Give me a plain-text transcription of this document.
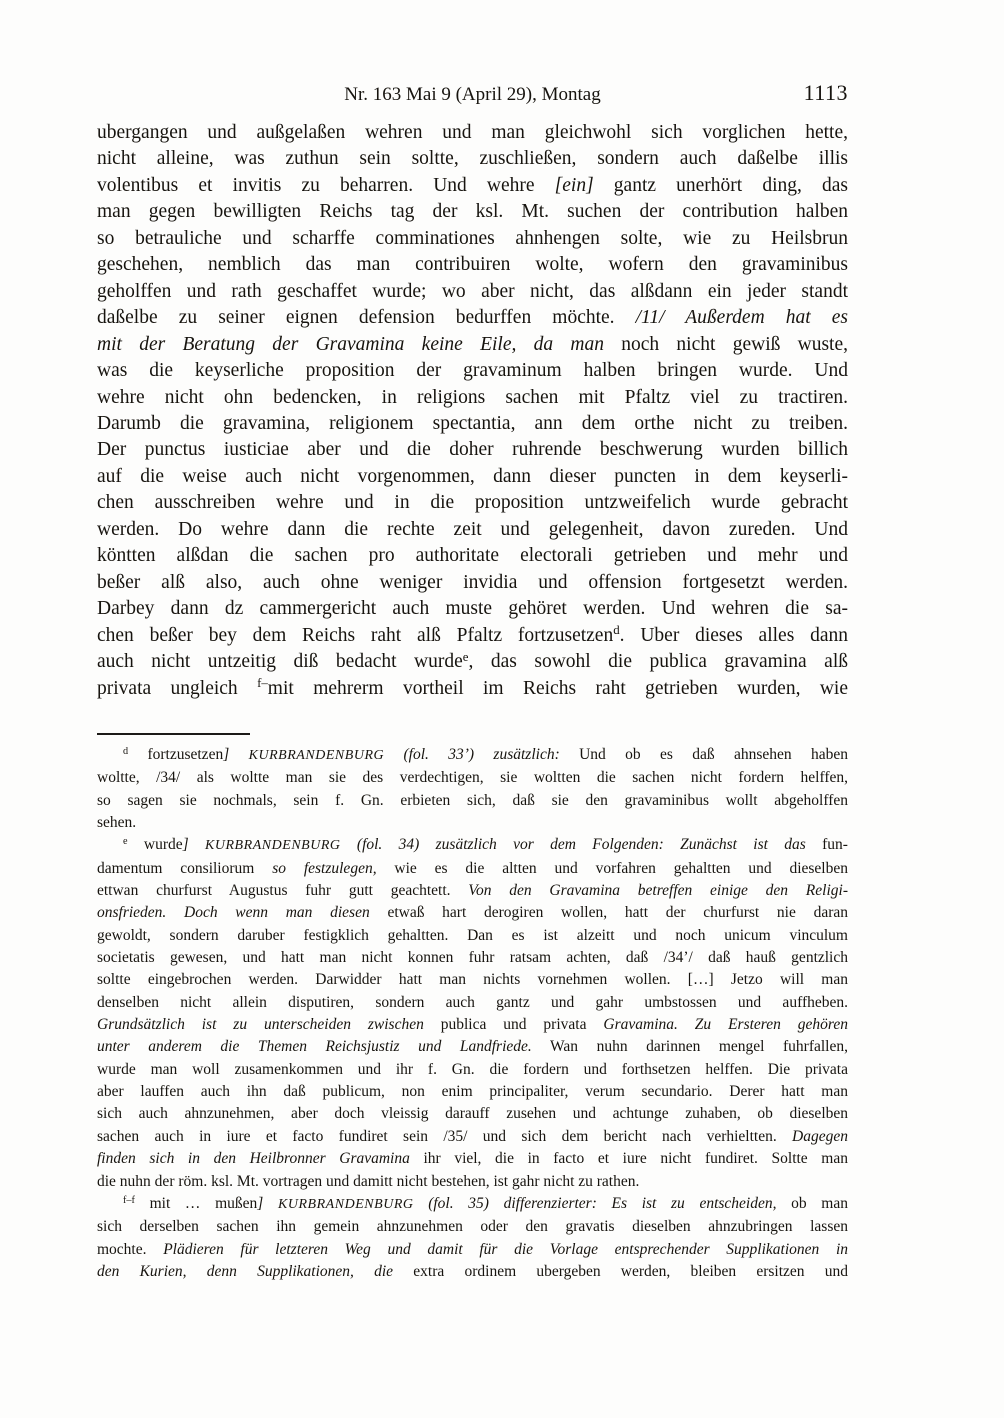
Nr. 163 Mai 9 (April 29), Montag	1113
ubergangen und außgelaßen wehren und man gleichwohl sich vorglichen hette,
nicht alleine, was zuthun sein soltte, zuschließen, sondern auch daßelbe illis
volentibus et invitis zu beharren. Und wehre [ein] gantz unerhört ding, das
man gegen bewilligten Reichs tag der ksl. Mt. suchen der contribution halben
so betrauliche und scharffe comminationes ahnhengen solte, wie zu Heilsbrun
geschehen, nemblich das man contribuiren wolte, wofern den gravaminibus
geholffen und rath geschaffet wurde; wo aber nicht, das alßdann ein jeder standt
daßelbe zu seiner eignen defension bedurffen möchte. /11/ Außerdem hat es
mit der Beratung der Gravamina keine Eile, da man noch nicht gewiß wuste,
was die keyserliche proposition der gravaminum halben bringen wurde. Und
wehre nicht ohn bedencken, in religions sachen mit Pfaltz viel zu tractiren.
Darumb die gravamina, religionem spectantia, ann dem orthe nicht zu treiben.
Der punctus iusticiae aber und die doher ruhrende beschwerung wurden billich
auf die weise auch nicht vorgenommen, dann dieser puncten in dem keyserli-
chen ausschreiben wehre und in die proposition untzweifelich wurde gebracht
werden. Do wehre dann die rechte zeit und gelegenheit, davon zureden. Und
köntten alßdan die sachen pro authoritate electorali getrieben und mehr und
beßer alß also, auch ohne weniger invidia und offension fortgesetzt werden.
Darbey dann dz cammergericht auch muste gehöret werden. Und wehren die sa-
chen beßer bey dem Reichs raht alß Pfaltz fortzusetzen$^d$. Uber dieses alles dann
auch nicht untzeitig diß bedacht wurde$^e$, das sowohl die publica gravamina alß
privata ungleich $^{f-}$mit mehrerm vortheil im Reichs raht getrieben wurden, wie
$^d$ fortzusetzen] KURBRANDENBURG (fol. 33’) zusätzlich: Und ob es daß ahnsehen haben
woltte, /34/ als woltte man sie des verdechtigen, sie woltten die sachen nicht fordern helffen,
so sagen sie nochmals, sein f. Gn. erbieten sich, daß sie den gravaminibus wollt abgeholffen
sehen.
$^e$ wurde] KURBRANDENBURG (fol. 34) zusätzlich vor dem Folgenden: Zunächst ist das fun-
damentum consiliorum so festzulegen, wie es die altten und vorfahren gehaltten und dieselben
ettwan churfurst Augustus fuhr gutt geachtett. Von den Gravamina betreffen einige den Religi-
onsfrieden. Doch wenn man diesen etwaß hart derogiren wollen, hatt der churfurst nie daran
gewoldt, sondern daruber festigklich gehaltten. Dan es ist alzeitt und noch unicum vinculum
societatis gewesen, und hatt man nicht konnen fuhr ratsam achten, daß /34’/ daß hauß gentzlich
soltte eingebrochen werden. Darwidder hatt man nichts vornehmen wollen. […] Jetzo will man
denselben nicht allein disputiren, sondern auch gantz und gahr umbstossen und auffheben.
Grundsätzlich ist zu unterscheiden zwischen publica und privata Gravamina. Zu Ersteren gehören
unter anderem die Themen Reichsjustiz und Landfriede. Wan nuhn darinnen mengel fuhrfallen,
wurde man woll zusamenkommen und ihr f. Gn. die fordern und forthsetzen helffen. Die privata
aber lauffen auch ihn daß publicum, non enim principaliter, verum secundario. Derer hatt man
sich auch ahnzunehmen, aber doch vleissig darauff zusehen und achtunge zuhaben, ob dieselben
sachen auch in iure et facto fundiret sein /35/ und sich dem bericht nach verhieltten. Dagegen
finden sich in den Heilbronner Gravamina ihr viel, die in facto et iure nicht fundiret. Soltte man
die nuhn der röm. ksl. Mt. vortragen und damitt nicht bestehen, ist gahr nicht zu rathen.
$^{f-f}$ mit … mußen] KURBRANDENBURG (fol. 35) differenzierter: Es ist zu entscheiden, ob man
sich derselben sachen ihn gemein ahnzunehmen oder den gravatis dieselben ahnzubringen lassen
mochte. Plädieren für letzteren Weg und damit für die Vorlage entsprechender Supplikationen in
den Kurien, denn Supplikationen, die extra ordinem ubergeben werden, bleiben ersitzen und
